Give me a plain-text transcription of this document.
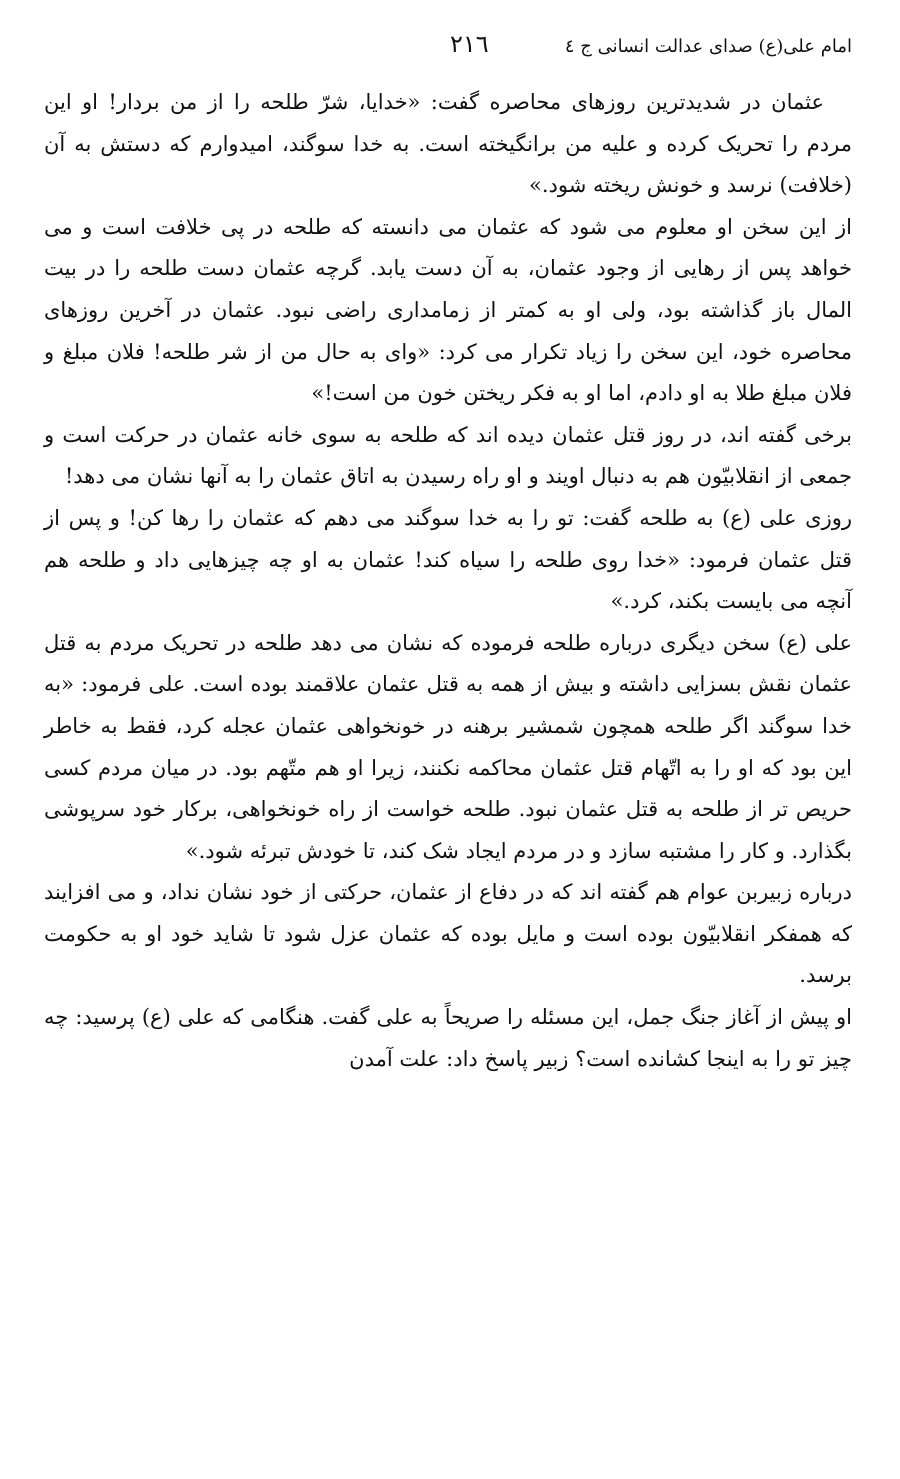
۲۱٦	امام علی(ع) صدای عدالت انسانی ج ٤

عثمان در شدیدترین روزهای محاصره گفت: «خدایا، شرّ طلحه را از من بردار! او این مردم را تحریک کرده و علیه من برانگیخته است. به خدا سوگند، امیدوارم که دستش به آن (خلافت) نرسد و خونش ریخته شود.»

از این سخن او معلوم می شود که عثمان می دانسته که طلحه در پی خلافت است و می خواهد پس از رهایی از وجود عثمان، به آن دست یابد. گرچه عثمان دست طلحه را در بیت المال باز گذاشته بود، ولی او به کمتر از زمامداری راضی نبود. عثمان در آخرین روزهای محاصره خود، این سخن را زیاد تکرار می کرد: «وای به حال من از شر طلحه! فلان مبلغ و فلان مبلغ طلا به او دادم، اما او به فکر ریختن خون من است!»

برخی گفته اند، در روز قتل عثمان دیده اند که طلحه به سوی خانه عثمان در حرکت است و جمعی از انقلابیّون هم به دنبال اویند و او راه رسیدن به اتاق عثمان را به آنها نشان می دهد!

روزی علی (ع) به طلحه گفت: تو را به خدا سوگند می دهم که عثمان را رها کن! و پس از قتل عثمان فرمود: «خدا روی طلحه را سیاه کند! عثمان به او چه چیزهایی داد و طلحه هم آنچه می بایست بکند، کرد.»

علی (ع) سخن دیگری درباره طلحه فرموده که نشان می دهد طلحه در تحریک مردم به قتل عثمان نقش بسزایی داشته و بیش از همه به قتل عثمان علاقمند بوده است. علی فرمود: «به خدا سوگند اگر طلحه همچون شمشیر برهنه در خونخواهی عثمان عجله کرد، فقط به خاطر این بود که او را به اتّهام قتل عثمان محاکمه نکنند، زیرا او هم متّهم بود. در میان مردم کسی حریص تر از طلحه به قتل عثمان نبود. طلحه خواست از راه خونخواهی، برکار خود سرپوشی بگذارد. و کار را مشتبه سازد و در مردم ایجاد شک کند، تا خودش تبرئه شود.»

درباره زبیربن عوام هم گفته اند که در دفاع از عثمان، حرکتی از خود نشان نداد، و می افزایند که همفکر انقلابیّون بوده است و مایل بوده که عثمان عزل شود تا شاید خود او به حکومت برسد.

او پیش از آغاز جنگ جمل، این مسئله را صریحاً به علی گفت. هنگامی که علی (ع) پرسید: چه چیز تو را به اینجا کشانده است؟ زبیر پاسخ داد: علت آمدن
